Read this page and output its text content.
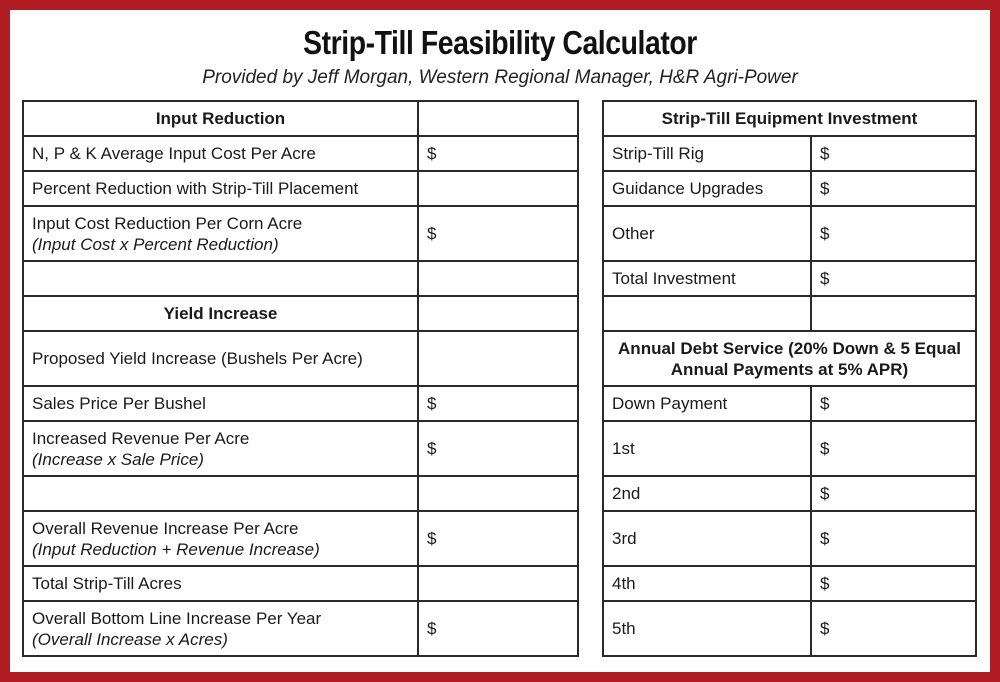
Strip-Till Feasibility Calculator
Provided by Jeff Morgan, Western Regional Manager, H&R Agri-Power
Input Reduction	
N, P & K Average Input Cost Per Acre	$
Percent Reduction with Strip-Till Placement	
Input Cost Reduction Per Corn Acre
(Input Cost x Percent Reduction)	$

Yield Increase	
Proposed Yield Increase (Bushels Per Acre)	
Sales Price Per Bushel	$
Increased Revenue Per Acre
(Increase x Sale Price)	$

Overall Revenue Increase Per Acre
(Input Reduction + Revenue Increase)	$
Total Strip-Till Acres	
Overall Bottom Line Increase Per Year
(Overall Increase x Acres)	$
Strip-Till Equipment Investment	
Strip-Till Rig	$
Guidance Upgrades	$
Other	$
Total Investment	$

Annual Debt Service (20% Down & 5 Equal Annual Payments at 5% APR)	
Down Payment	$
1st	$
2nd	$
3rd	$
4th	$
5th	$
